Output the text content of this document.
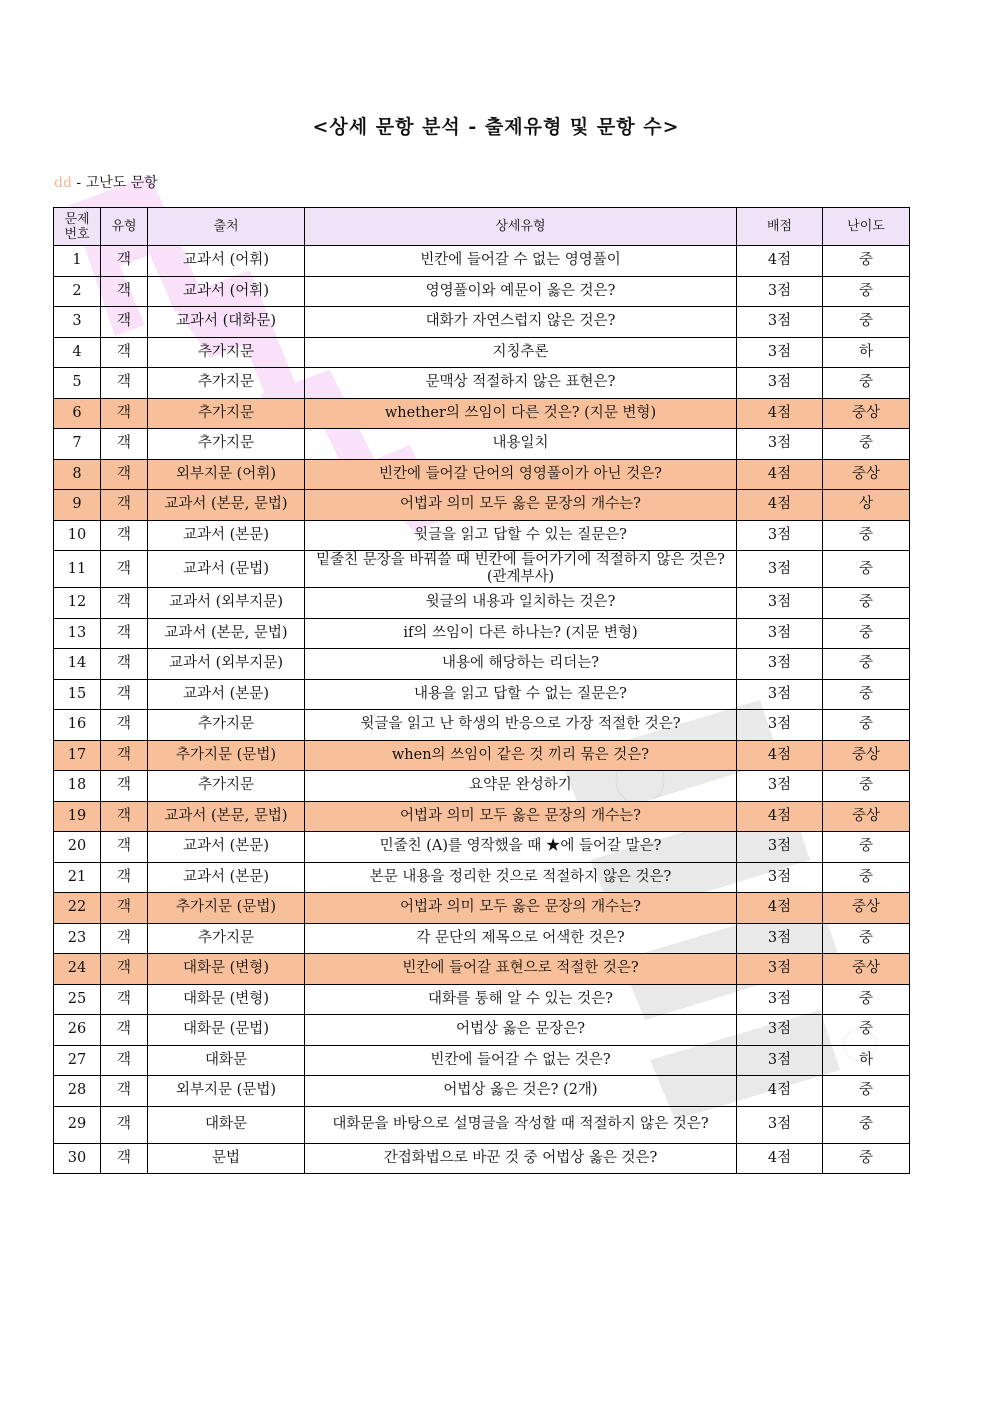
<상세 문항 분석 - 출제유형 및 문항 수>
dd - 고난도 문항
문제
번호	유형	출처	상세유형	배점	난이도
1	객	교과서 (어휘)	빈칸에 들어갈 수 없는 영영풀이	4점	중
2	객	교과서 (어휘)	영영풀이와 예문이 옳은 것은?	3점	중
3	객	교과서 (대화문)	대화가 자연스럽지 않은 것은?	3점	중
4	객	추가지문	지칭추론	3점	하
5	객	추가지문	문맥상 적절하지 않은 표현은?	3점	중
6	객	추가지문	whether의 쓰임이 다른 것은? (지문 변형)	4점	중상
7	객	추가지문	내용일치	3점	중
8	객	외부지문 (어휘)	빈칸에 들어갈 단어의 영영풀이가 아닌 것은?	4점	중상
9	객	교과서 (본문, 문법)	어법과 의미 모두 옳은 문장의 개수는?	4점	상
10	객	교과서 (본문)	윗글을 읽고 답할 수 있는 질문은?	3점	중
11	객	교과서 (문법)	밑줄친 문장을 바꿔쓸 때 빈칸에 들어가기에 적절하지 않은 것은? (관계부사)	3점	중
12	객	교과서 (외부지문)	윗글의 내용과 일치하는 것은?	3점	중
13	객	교과서 (본문, 문법)	if의 쓰임이 다른 하나는? (지문 변형)	3점	중
14	객	교과서 (외부지문)	내용에 해당하는 리더는?	3점	중
15	객	교과서 (본문)	내용을 읽고 답할 수 없는 질문은?	3점	중
16	객	추가지문	윗글을 읽고 난 학생의 반응으로 가장 적절한 것은?	3점	중
17	객	추가지문 (문법)	when의 쓰임이 같은 것 끼리 묶은 것은?	4점	중상
18	객	추가지문	요약문 완성하기	3점	중
19	객	교과서 (본문, 문법)	어법과 의미 모두 옳은 문장의 개수는?	4점	중상
20	객	교과서 (본문)	민줄친 (A)를 영작했을 때 ★에 들어갈 말은?	3점	중
21	객	교과서 (본문)	본문 내용을 정리한 것으로 적절하지 않은 것은?	3점	중
22	객	추가지문 (문법)	어법과 의미 모두 옳은 문장의 개수는?	4점	중상
23	객	추가지문	각 문단의 제목으로 어색한 것은?	3점	중
24	객	대화문 (변형)	빈칸에 들어갈 표현으로 적절한 것은?	3점	중상
25	객	대화문 (변형)	대화를 통해 알 수 있는 것은?	3점	중
26	객	대화문 (문법)	어법상 옳은 문장은?	3점	중
27	객	대화문	빈칸에 들어갈 수 없는 것은?	3점	하
28	객	외부지문 (문법)	어법상 옳은 것은? (2개)	4점	중
29	객	대화문	대화문을 바탕으로 설명글을 작성할 때 적절하지 않은 것은?	3점	중
30	객	문법	간접화법으로 바꾼 것 중 어법상 옳은 것은?	4점	중
